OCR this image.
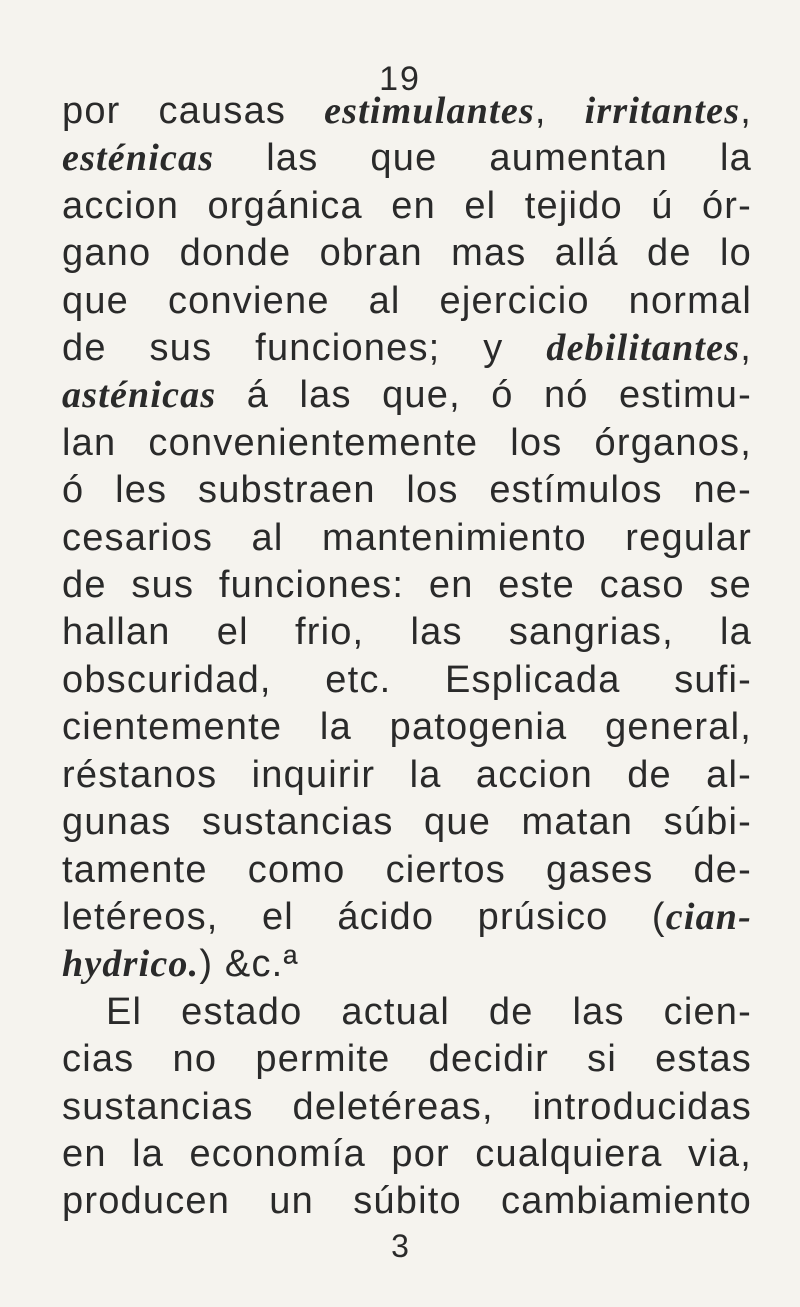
19
por causas estimulantes, irritantes,
esténicas las que aumentan la
accion orgánica en el tejido ú ór-
gano donde obran mas allá de lo
que conviene al ejercicio normal
de sus funciones; y debilitantes,
asténicas á las que, ó nó estimu-
lan convenientemente los órganos,
ó les substraen los estímulos ne-
cesarios al mantenimiento regular
de sus funciones: en este caso se
hallan el frio, las sangrias, la
obscuridad, etc. Esplicada sufi-
cientemente la patogenia general,
réstanos inquirir la accion de al-
gunas sustancias que matan súbi-
tamente como ciertos gases de-
letéreos, el ácido prúsico (cian-
hydrico.) &c.ª
El estado actual de las cien-
cias no permite decidir si estas
sustancias deletéreas, introducidas
en la economía por cualquiera via,
producen un súbito cambiamiento
3
